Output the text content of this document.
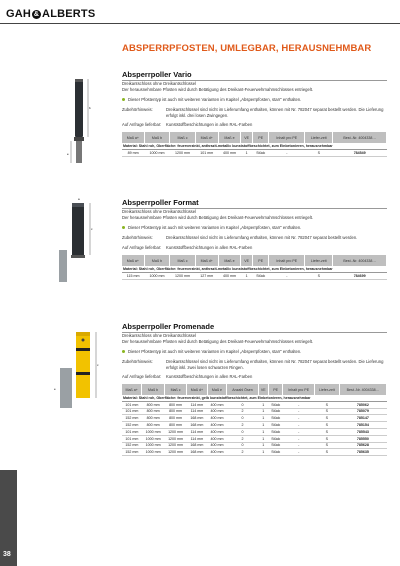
GAH & ALBERTS
ABSPERRPFOSTEN, UMLEGBAR, HERAUSNEHMBAR
b
e
c
a
c
e
Absperrpoller Vario
Dreikantschloss ohne Dreikantschlüssel
Der herausnehmbare Pfosten wird durch Betätigung des Dreikant-Feuerwehrnahmschlosses entriegelt.
Dieser Pfostentyp ist auch mit weiteren Varianten im Kapitel „Absperrpfosten, starr“ enthalten.
Zubehörhinweis:	Dreikantschlüssel sind nicht im Lieferumfang enthalten, können mit Nr. 782047 separat bestellt werden. Die Lieferung erfolgt inkl. drei losen Zwingegen.
Auf Anfrage lieferbar:	Kunststoffbeschichtungen in allen RAL-Farben
Maß a+	Maß b	Maß c	Maß d+	Maß e	VE	PE	Inhalt pro PE	Liefer-zeit	Best.-Nr. 4004338…
Material: Stahl roh, Oberfläche: feuerverzinkt, anthrazit-metallic kunststoffbeschichtet, zum Einbetonieren, herausnehmbar									
89 mm	1000 mm	1200 mm	101 mm	400 mm	1	Stück	-	S	784549
Absperrpoller Format
Dreikantschloss ohne Dreikantschlüssel
Der herausnehmbare Pfosten wird durch Betätigung des Dreikant-Feuerwehrnahmschlosses entriegelt.
Dieser Pfostentyp ist auch mit weiteren Varianten im Kapitel „Absperrpfosten, starr“ enthalten.
Zubehörhinweis:	Dreikantschlüssel sind nicht im Lieferumfang enthalten, können mit Nr. 782047 separat bestellt werden.
Auf Anfrage lieferbar:	Kunststoffbeschichtungen in allen RAL-Farben
Maß a+	Maß b	Maß c	Maß d+	Maß e	VE	PE	Inhalt pro PE	Liefer-zeit	Best.-Nr. 4004338…
Material: Stahl roh, Oberfläche: feuerverzinkt, anthrazit-metallic kunststoffbeschichtet, zum Einbetonieren, herausnehmbar									
115 mm	1000 mm	1200 mm	127 mm	400 mm	1	Stück	-	S	784699
Absperrpoller Promenade
Dreikantschloss ohne Dreikantschlüssel
Der herausnehmbare Pfosten wird durch Betätigung des Dreikant-Feuerwehrnahmschlosses entriegelt.
Dieser Pfostentyp ist auch mit weiteren Varianten im Kapitel „Absperrpfosten, starr“ enthalten.
Zubehörhinweis:	Dreikantschlüssel sind nicht im Lieferumfang enthalten, können mit Nr. 782047 separat bestellt werden. Die Lieferung erfolgt inkl. zwei losen schwarzen Ringen.
Auf Anfrage lieferbar:	Kunststoffbeschichtungen in allen RAL-Farben
Maß a+	Maß b	Maß c	Maß d+	Maß e	Anzahl Ösen	VE	PE	Inhalt pro PE	Liefer-zeit	Best.-Nr. 4004338…
Material: Stahl roh, Oberfläche: feuerverzinkt, gelb kunststoffbeschichtet, zum Einbetonieren, herausnehmbar										
101 mm	800 mm	800 mm	114 mm	400 mm	0	1	Stück	-	S	785062
101 mm	800 mm	800 mm	114 mm	400 mm	2	1	Stück	-	S	785079
152 mm	800 mm	800 mm	168 mm	400 mm	0	1	Stück	-	S	785147
152 mm	800 mm	800 mm	168 mm	400 mm	2	1	Stück	-	S	785154
101 mm	1000 mm	1200 mm	114 mm	400 mm	0	1	Stück	-	S	785543
101 mm	1000 mm	1200 mm	114 mm	400 mm	2	1	Stück	-	S	785550
152 mm	1000 mm	1200 mm	168 mm	400 mm	0	1	Stück	-	S	785628
152 mm	1000 mm	1200 mm	168 mm	400 mm	2	1	Stück	-	S	785635
38
